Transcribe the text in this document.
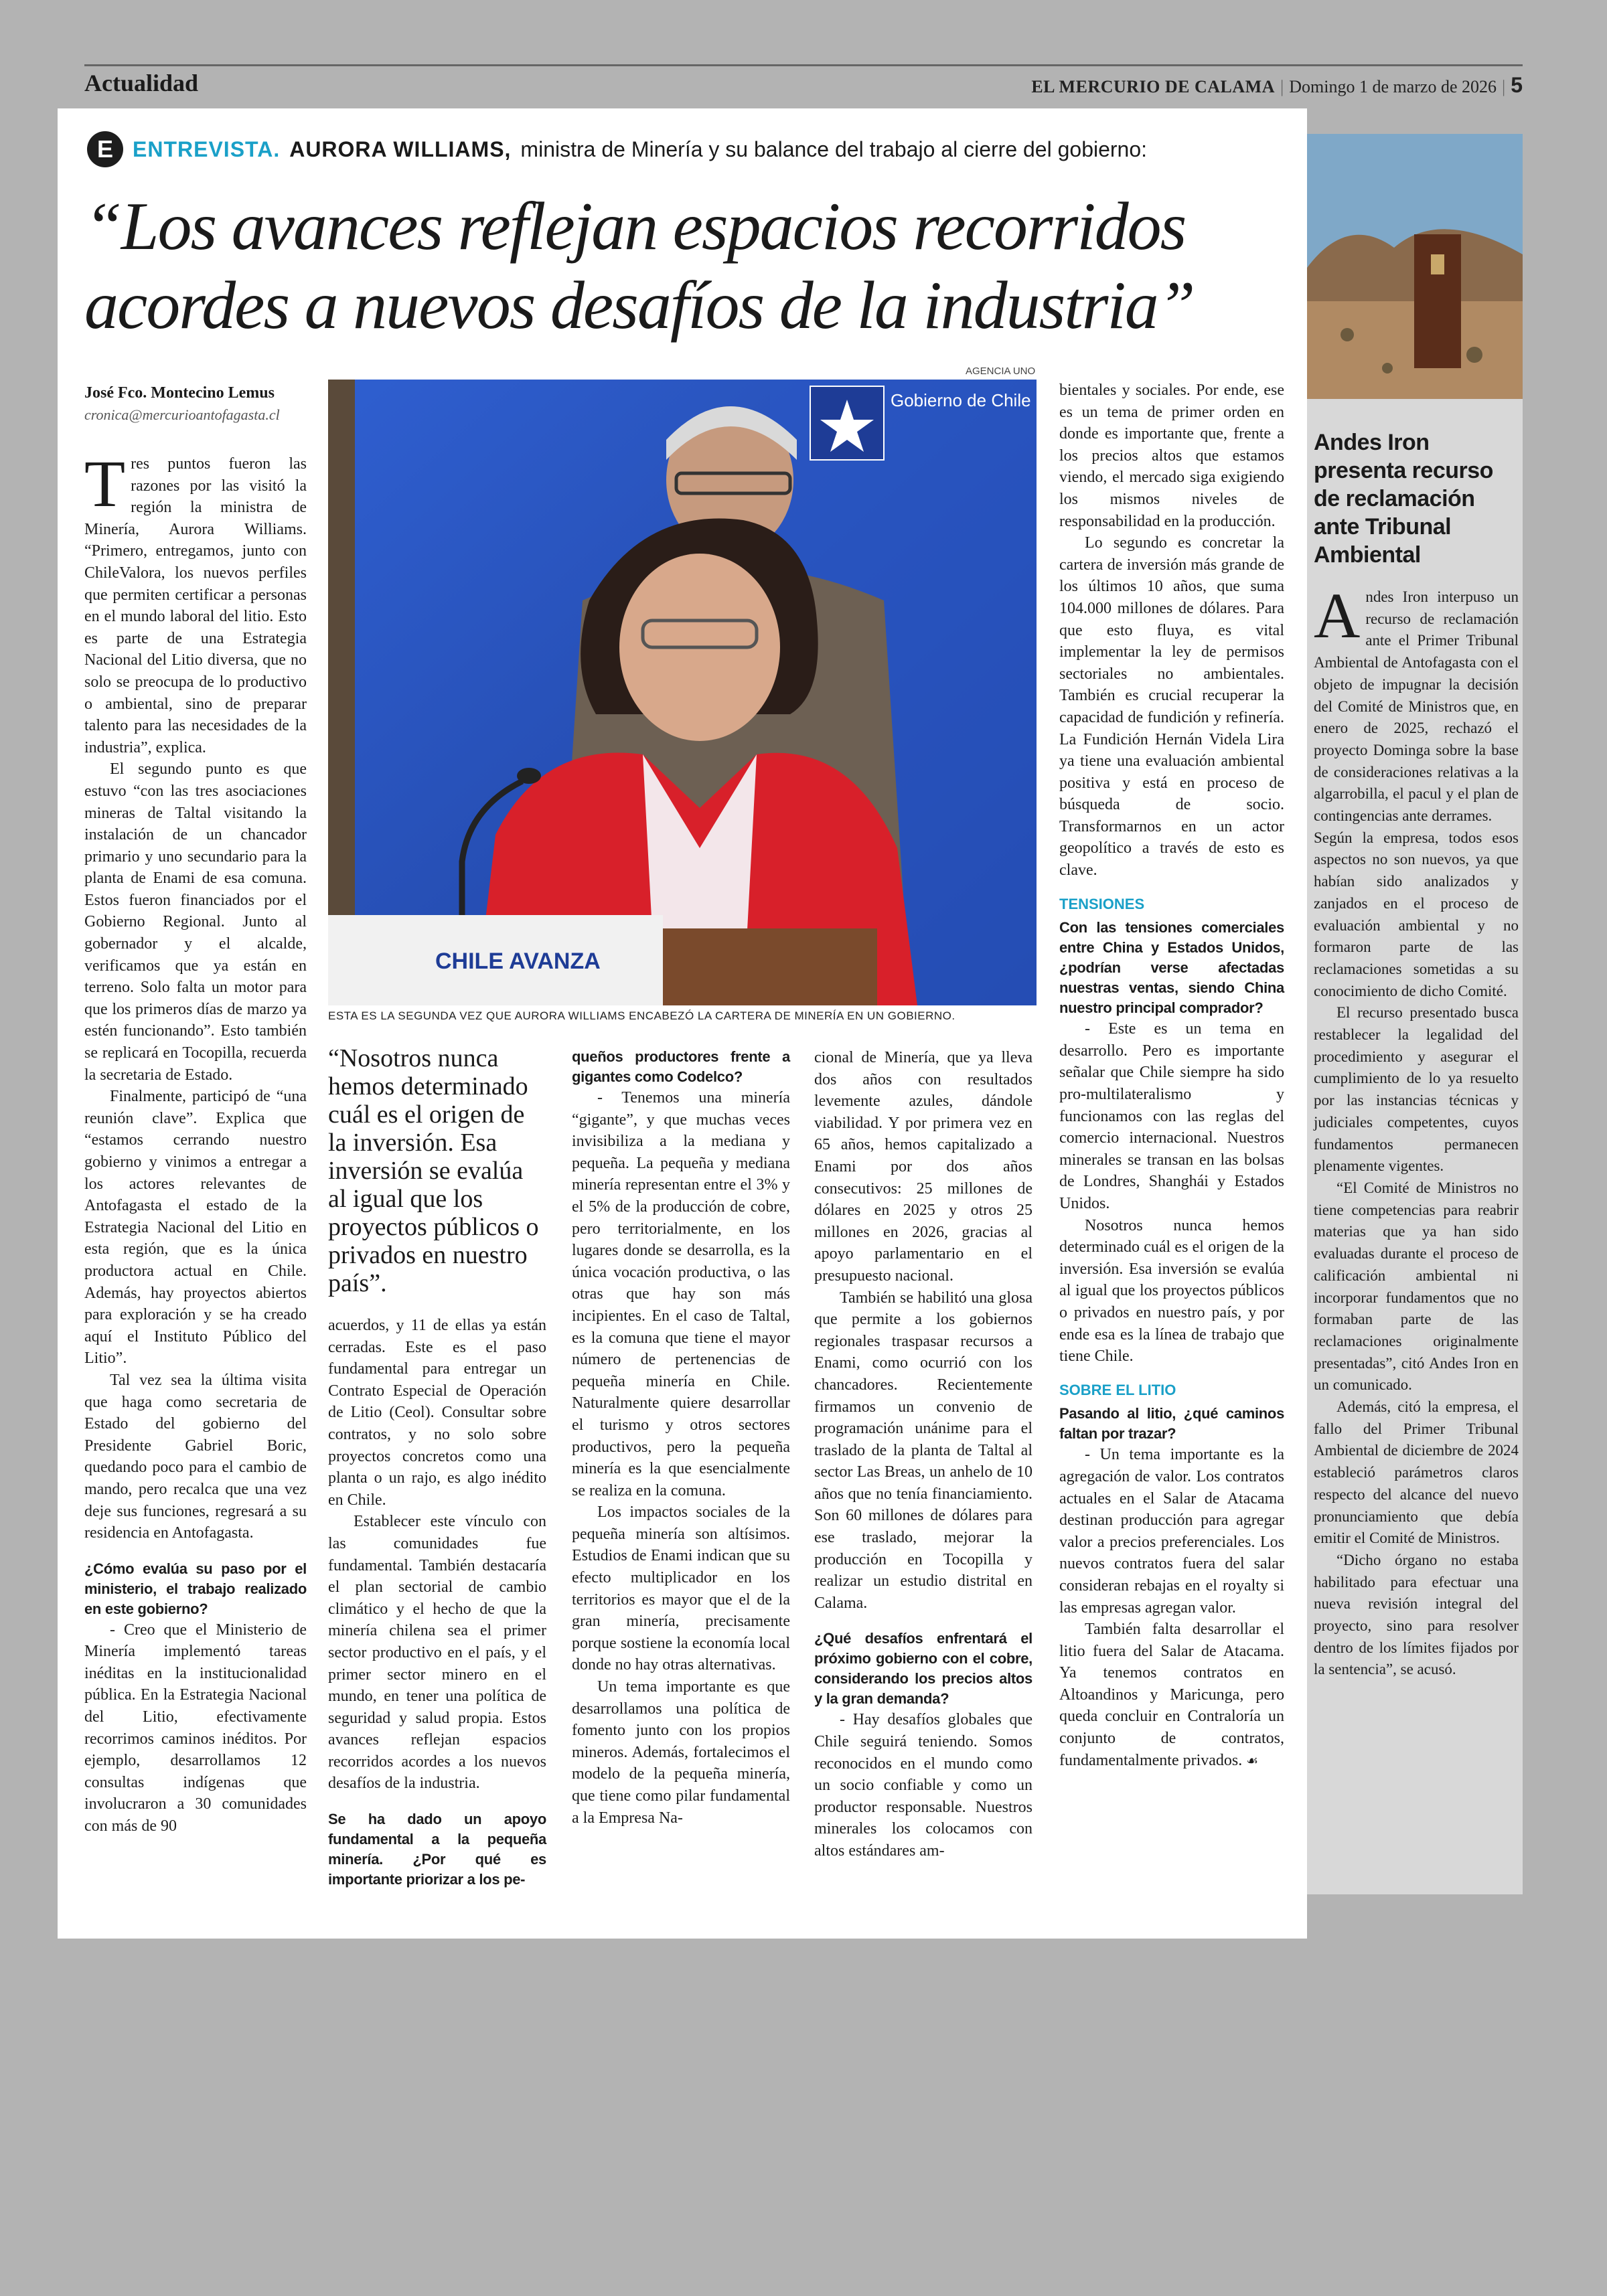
Actualidad	EL MERCURIO DE CALAMA | Domingo 1 de marzo de 2026 | 5
E ENTREVISTA. AURORA WILLIAMS, ministra de Minería y su balance del trabajo al cierre del gobierno:
“Los avances reflejan espacios recorridos
acordes a nuevos desafíos de la industria”
José Fco. Montecino Lemus
cronica@mercurioantofagasta.cl
AGENCIA UNO
Gobierno de Chile
CHILE AVANZA
ESTA ES LA SEGUNDA VEZ QUE AURORA WILLIAMS ENCABEZÓ LA CARTERA DE MINERÍA EN UN GOBIERNO.
“Nosotros nunca hemos determinado cuál es el origen de la inversión. Esa inversión se evalúa al igual que los proyectos públicos o privados en nuestro país”.

Tres puntos fueron las razones por las visitó la región la ministra de Minería, Aurora Williams. “Primero, entregamos, junto con ChileValora, los nuevos perfiles que permiten certificar a personas en el mundo laboral del litio. Esto es parte de una Estrategia Nacional del Litio diversa, que no solo se preocupa de lo productivo o ambiental, sino de preparar talento para las necesidades de la industria”, explica.

El segundo punto es que estuvo “con las tres asociaciones mineras de Taltal visitando la instalación de un chancador primario y uno secundario para la planta de Enami de esa comuna. Estos fueron financiados por el Gobierno Regional. Junto al gobernador y el alcalde, verificamos que ya están en terreno. Solo falta un motor para que los primeros días de marzo ya estén funcionando”. Esto también se replicará en Tocopilla, recuerda la secretaria de Estado.

Finalmente, participó de “una reunión clave”. Explica que “estamos cerrando nuestro gobierno y vinimos a entregar a los actores relevantes de Antofagasta el estado de la Estrategia Nacional del Litio en esta región, que es la única productora actual en Chile. Además, hay proyectos abiertos para exploración y se ha creado aquí el Instituto Público del Litio”.

Tal vez sea la última visita que haga como secretaria de Estado del gobierno del Presidente Gabriel Boric, quedando poco para el cambio de mando, pero recalca que una vez deje sus funciones, regresará a su residencia en Antofagasta.

¿Cómo evalúa su paso por el ministerio, el trabajo realizado en este gobierno?

- Creo que el Ministerio de Minería implementó tareas inéditas en la institucionalidad pública. En la Estrategia Nacional del Litio, efectivamente recorrimos caminos inéditos. Por ejemplo, desarrollamos 12 consultas indígenas que involucraron a 30 comunidades con más de 90

acuerdos, y 11 de ellas ya están cerradas. Este es el paso fundamental para entregar un Contrato Especial de Operación de Litio (Ceol). Consultar sobre contratos, y no solo sobre proyectos concretos como una planta o un rajo, es algo inédito en Chile.

Establecer este vínculo con las comunidades fue fundamental. También destacaría el plan sectorial de cambio climático y el hecho de que la minería chilena sea el primer sector productivo en el país, y el primer sector minero en el mundo, en tener una política de seguridad y salud propia. Estos avances reflejan espacios recorridos acordes a los nuevos desafíos de la industria.

Se ha dado un apoyo fundamental a la pequeña minería. ¿Por qué es importante priorizar a los pe-

queños productores frente a gigantes como Codelco?

- Tenemos una minería “gigante”, y que muchas veces invisibiliza a la mediana y pequeña. La pequeña y mediana minería representan entre el 3% y el 5% de la producción de cobre, pero territorialmente, en los lugares donde se desarrolla, es la única vocación productiva, o las otras que hay son más incipientes. En el caso de Taltal, es la comuna que tiene el mayor número de pertenencias de pequeña minería en Chile. Naturalmente quiere desarrollar el turismo y otros sectores productivos, pero la pequeña minería es la que esencialmente se realiza en la comuna.

Los impactos sociales de la pequeña minería son altísimos. Estudios de Enami indican que su efecto multiplicador en los territorios es mayor que el de la gran minería, precisamente porque sostiene la economía local donde no hay otras alternativas.

Un tema importante es que desarrollamos una política de fomento junto con los propios mineros. Además, fortalecimos el modelo de la pequeña minería, que tiene como pilar fundamental a la Empresa Na-

cional de Minería, que ya lleva dos años con resultados levemente azules, dándole viabilidad. Y por primera vez en 65 años, hemos capitalizado a Enami por dos años consecutivos: 25 millones de dólares en 2025 y otros 25 millones en 2026, gracias al apoyo parlamentario en el presupuesto nacional.

También se habilitó una glosa que permite a los gobiernos regionales traspasar recursos a Enami, como ocurrió con los chancadores. Recientemente firmamos un convenio de programación unánime para el traslado de la planta de Taltal al sector Las Breas, un anhelo de 10 años que no tenía financiamiento. Son 60 millones de dólares para ese traslado, mejorar la producción en Tocopilla y realizar un estudio distrital en Calama.

¿Qué desafíos enfrentará el próximo gobierno con el cobre, considerando los precios altos y la gran demanda?

- Hay desafíos globales que Chile seguirá teniendo. Somos reconocidos en el mundo como un socio confiable y como un productor responsable. Nuestros minerales los colocamos con altos estándares am-

bientales y sociales. Por ende, ese es un tema de primer orden en donde es importante que, frente a los precios altos que estamos viendo, el mercado siga exigiendo los mismos niveles de responsabilidad en la producción.

Lo segundo es concretar la cartera de inversión más grande de los últimos 10 años, que suma 104.000 millones de dólares. Para que esto fluya, es vital implementar la ley de permisos sectoriales no ambientales. También es crucial recuperar la capacidad de fundición y refinería. La Fundición Hernán Videla Lira ya tiene una evaluación ambiental positiva y está en proceso de búsqueda de socio. Transformarnos en un actor geopolítico a través de esto es clave.

TENSIONES

Con las tensiones comerciales entre China y Estados Unidos, ¿podrían verse afectadas nuestras ventas, siendo China nuestro principal comprador?

- Este es un tema en desarrollo. Pero es importante señalar que Chile siempre ha sido pro-multilateralismo y funcionamos con las reglas del comercio internacional. Nuestros minerales se transan en las bolsas de Londres, Shanghái y Estados Unidos.

Nosotros nunca hemos determinado cuál es el origen de la inversión. Esa inversión se evalúa al igual que los proyectos públicos o privados en nuestro país, y por ende esa es la línea de trabajo que tiene Chile.

SOBRE EL LITIO

Pasando al litio, ¿qué caminos faltan por trazar?

- Un tema importante es la agregación de valor. Los contratos actuales en el Salar de Atacama destinan producción para agregar valor a precios preferenciales. Los nuevos contratos fuera del salar consideran rebajas en el royalty si las empresas agregan valor.

También falta desarrollar el litio fuera del Salar de Atacama. Ya tenemos contratos en Altoandinos y Maricunga, pero queda concluir en Contraloría un conjunto de contratos, fundamentalmente privados. ☙

Andes Iron presenta recurso de reclamación ante Tribunal Ambiental

Andes Iron interpuso un recurso de reclamación ante el Primer Tribunal Ambiental de Antofagasta con el objeto de impugnar la decisión del Comité de Ministros que, en enero de 2025, rechazó el proyecto Dominga sobre la base de consideraciones relativas a la algarrobilla, el pacul y el plan de contingencias ante derrames.

Según la empresa, todos esos aspectos no son nuevos, ya que habían sido analizados y zanjados en el proceso de evaluación ambiental y no formaron parte de las reclamaciones sometidas a su conocimiento de dicho Comité.

El recurso presentado busca restablecer la legalidad del procedimiento y asegurar el cumplimiento de lo ya resuelto por las instancias técnicas y judiciales competentes, cuyos fundamentos permanecen plenamente vigentes.

“El Comité de Ministros no tiene competencias para reabrir materias que ya han sido evaluadas durante el proceso de calificación ambiental ni incorporar fundamentos que no formaban parte de las reclamaciones originalmente presentadas”, citó Andes Iron en un comunicado.

Además, citó la empresa, el fallo del Primer Tribunal Ambiental de diciembre de 2024 estableció parámetros claros respecto del alcance del nuevo pronunciamiento que debía emitir el Comité de Ministros.

“Dicho órgano no estaba habilitado para efectuar una nueva revisión integral del proyecto, sino para resolver dentro de los límites fijados por la sentencia”, se acusó.
